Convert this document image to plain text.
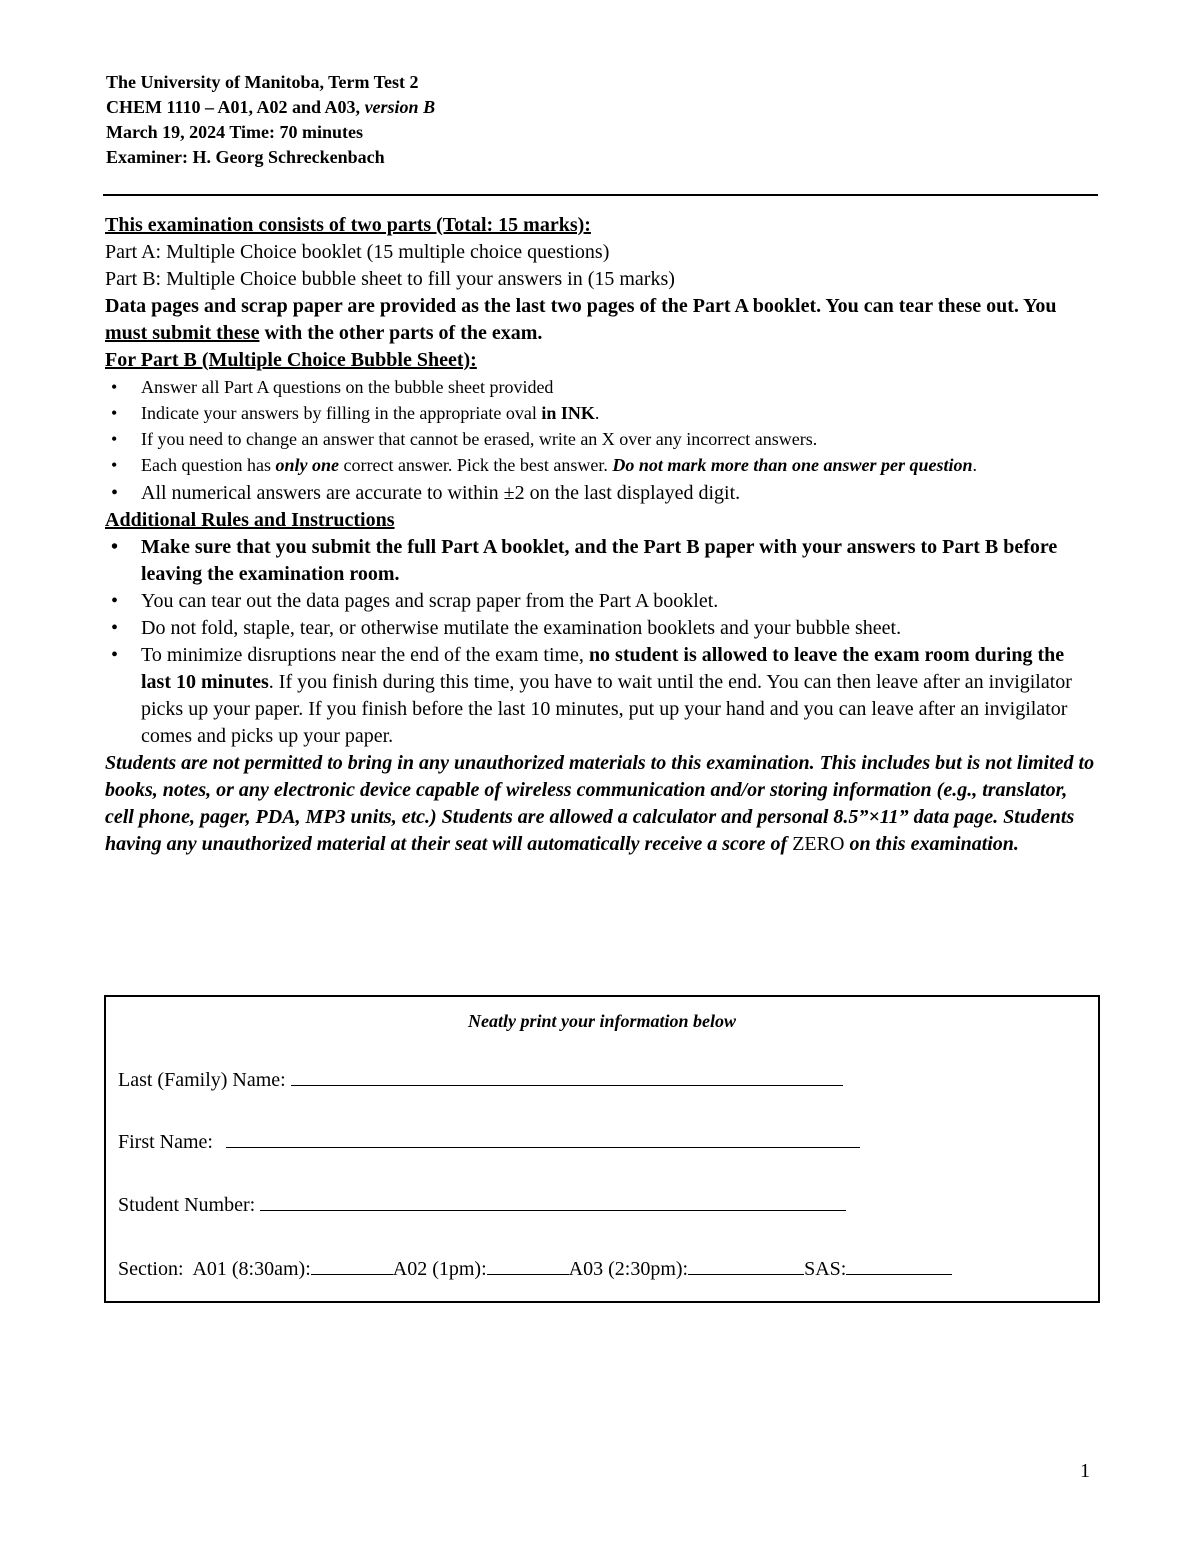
The University of Manitoba, Term Test 2
CHEM 1110 – A01, A02 and A03, version B
March 19, 2024 Time: 70 minutes
Examiner: H. Georg Schreckenbach

This examination consists of two parts (Total: 15 marks):

Part A: Multiple Choice booklet (15 multiple choice questions)

Part B: Multiple Choice bubble sheet to fill your answers in (15 marks)

Data pages and scrap paper are provided as the last two pages of the Part A booklet. You can tear these out. You must submit these with the other parts of the exam.

For Part B (Multiple Choice Bubble Sheet):

• Answer all Part A questions on the bubble sheet provided
• Indicate your answers by filling in the appropriate oval in INK.
• If you need to change an answer that cannot be erased, write an X over any incorrect answers.
• Each question has only one correct answer. Pick the best answer. Do not mark more than one answer per question.
• All numerical answers are accurate to within ±2 on the last displayed digit.

Additional Rules and Instructions

• Make sure that you submit the full Part A booklet, and the Part B paper with your answers to Part B before leaving the examination room.
• You can tear out the data pages and scrap paper from the Part A booklet.
• Do not fold, staple, tear, or otherwise mutilate the examination booklets and your bubble sheet.
• To minimize disruptions near the end of the exam time, no student is allowed to leave the exam room during the last 10 minutes. If you finish during this time, you have to wait until the end. You can then leave after an invigilator picks up your paper. If you finish before the last 10 minutes, put up your hand and you can leave after an invigilator comes and picks up your paper.

Students are not permitted to bring in any unauthorized materials to this examination. This includes but is not limited to books, notes, or any electronic device capable of wireless communication and/or storing information (e.g., translator, cell phone, pager, PDA, MP3 units, etc.) Students are allowed a calculator and personal 8.5”×11” data page. Students having any unauthorized material at their seat will automatically receive a score of ZERO on this examination.

Neatly print your information below
Last (Family) Name:
First Name:
Student Number:
Section: A01 (8:30am):	A02 (1pm):	A03 (2:30pm):	SAS:
1
